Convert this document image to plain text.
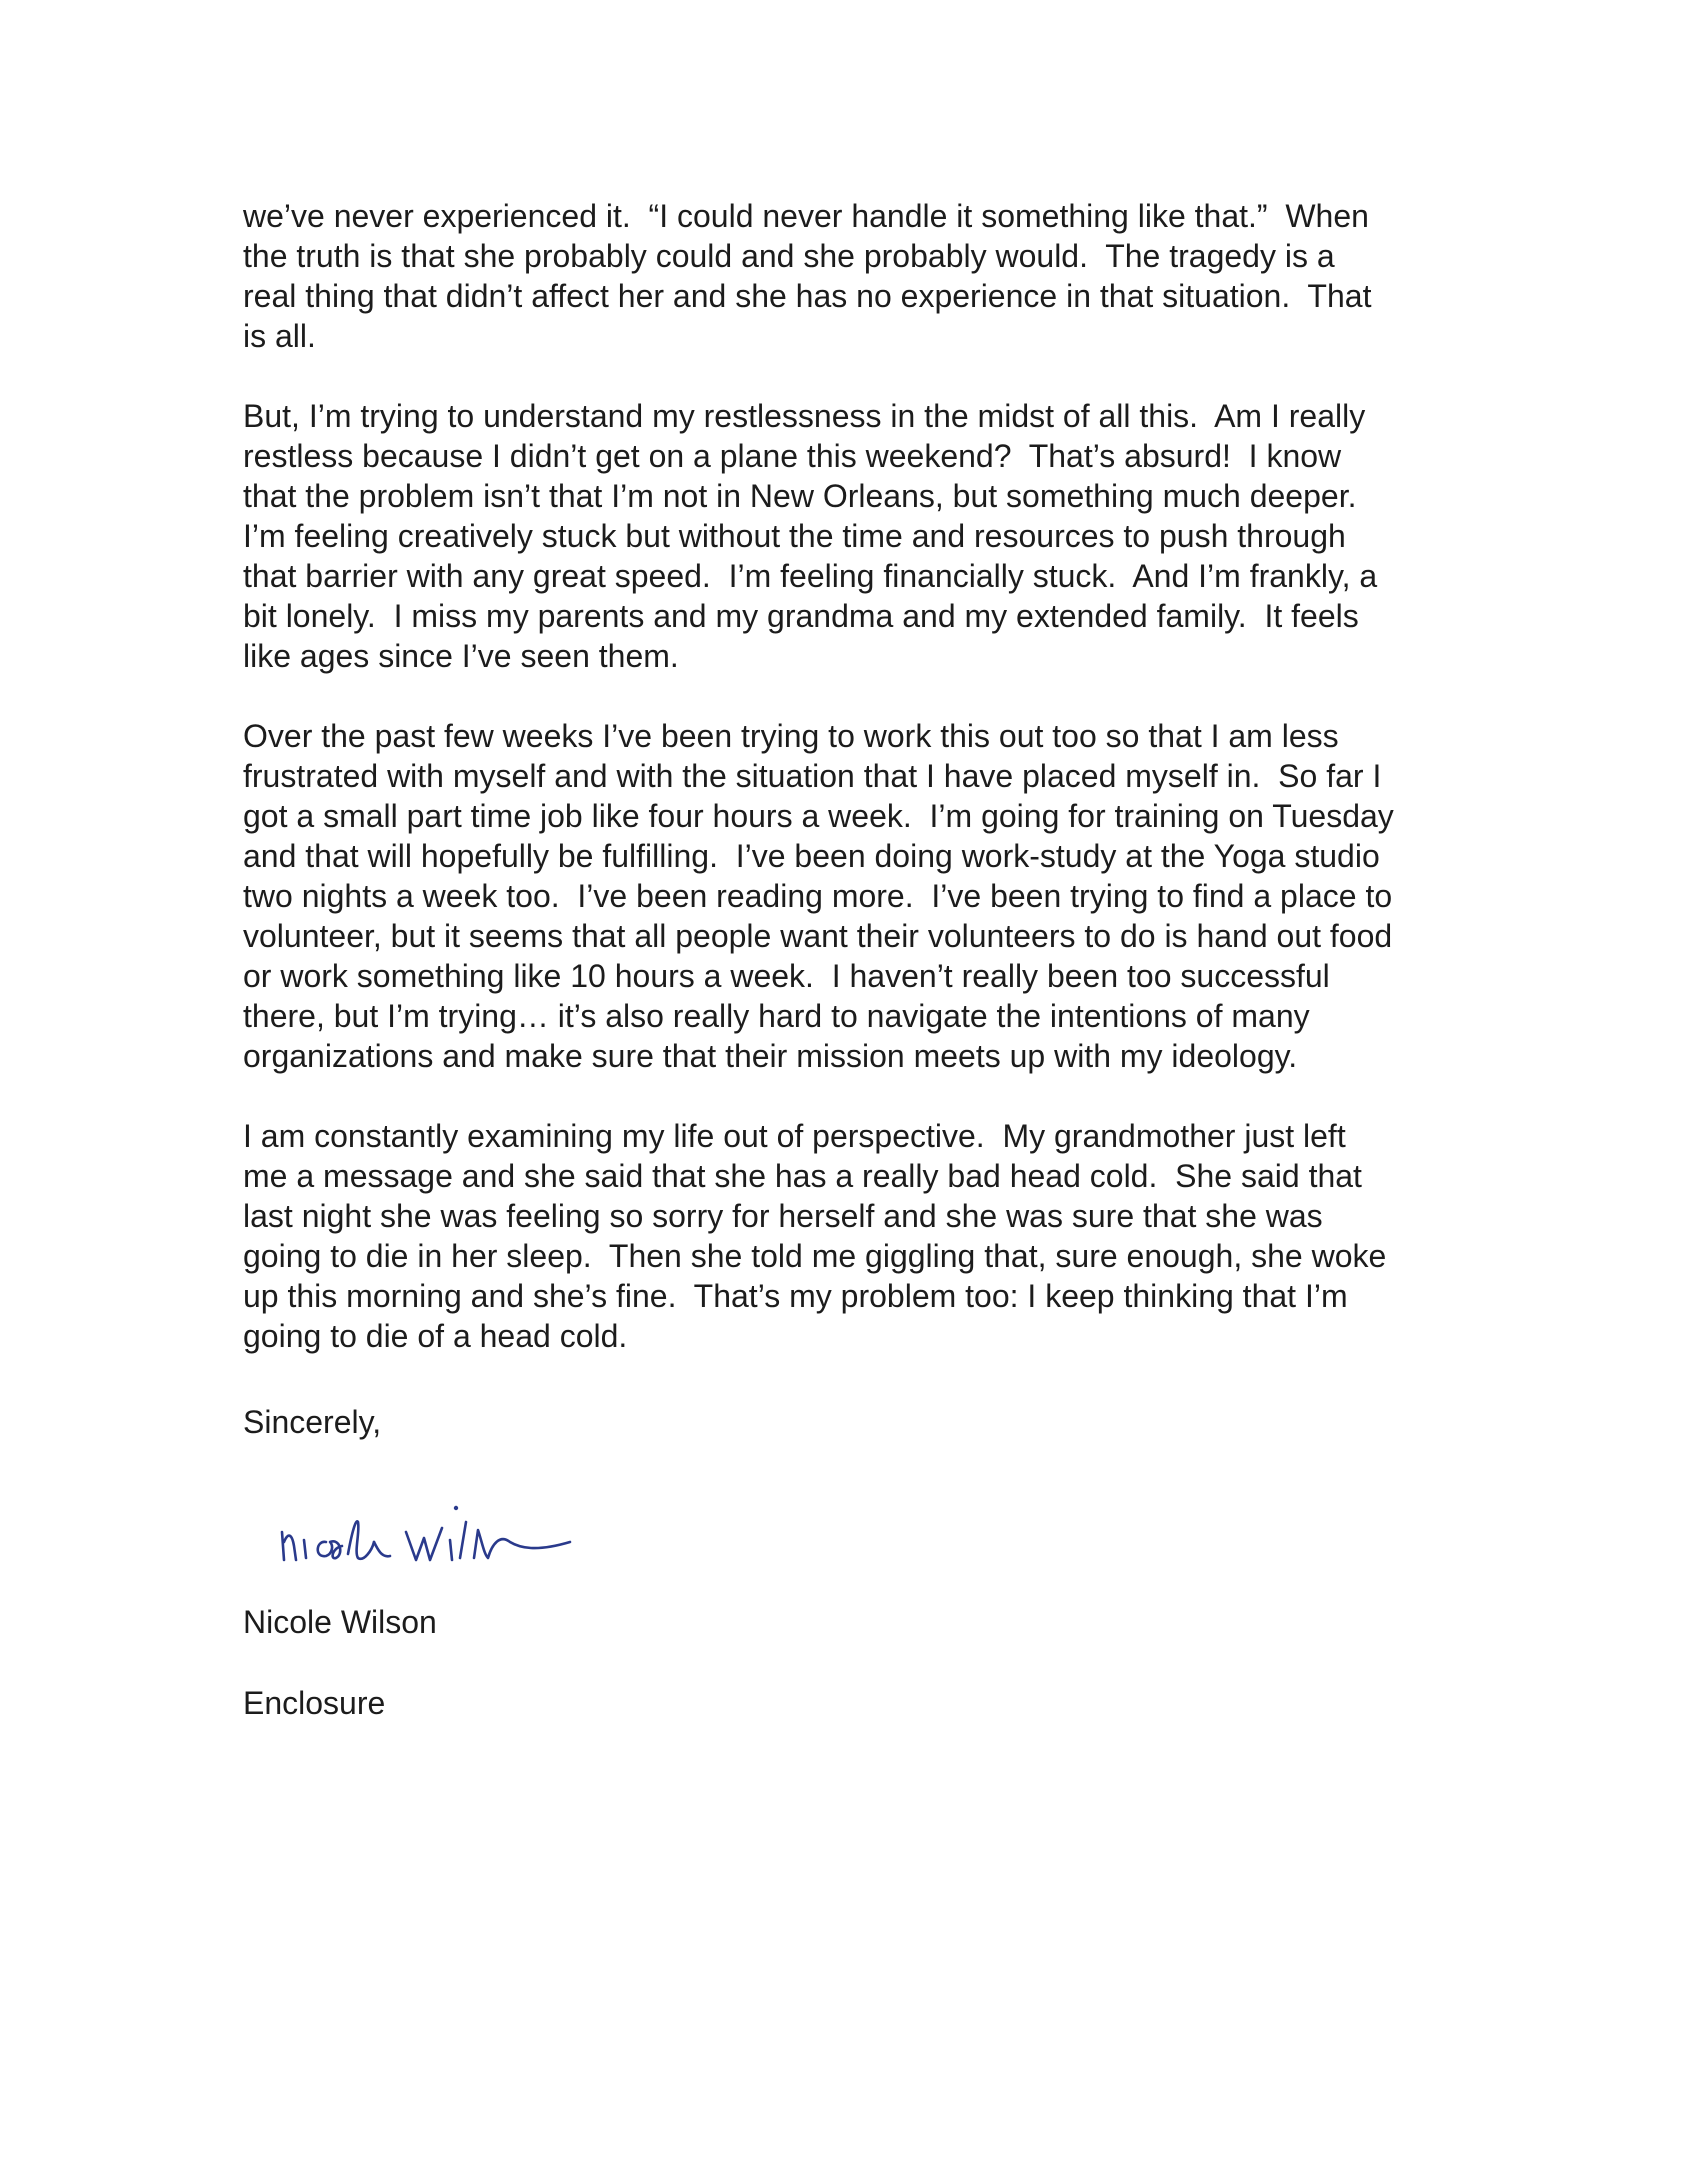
we’ve never experienced it.  “I could never handle it something like that.”  When
the truth is that she probably could and she probably would.  The tragedy is a
real thing that didn’t affect her and she has no experience in that situation.  That
is all.
But, I’m trying to understand my restlessness in the midst of all this.  Am I really
restless because I didn’t get on a plane this weekend?  That’s absurd!  I know
that the problem isn’t that I’m not in New Orleans, but something much deeper.
I’m feeling creatively stuck but without the time and resources to push through
that barrier with any great speed.  I’m feeling financially stuck.  And I’m frankly, a
bit lonely.  I miss my parents and my grandma and my extended family.  It feels
like ages since I’ve seen them.
Over the past few weeks I’ve been trying to work this out too so that I am less
frustrated with myself and with the situation that I have placed myself in.  So far I
got a small part time job like four hours a week.  I’m going for training on Tuesday
and that will hopefully be fulfilling.  I’ve been doing work-study at the Yoga studio
two nights a week too.  I’ve been reading more.  I’ve been trying to find a place to
volunteer, but it seems that all people want their volunteers to do is hand out food
or work something like 10 hours a week.  I haven’t really been too successful
there, but I’m trying… it’s also really hard to navigate the intentions of many
organizations and make sure that their mission meets up with my ideology.
I am constantly examining my life out of perspective.  My grandmother just left
me a message and she said that she has a really bad head cold.  She said that
last night she was feeling so sorry for herself and she was sure that she was
going to die in her sleep.  Then she told me giggling that, sure enough, she woke
up this morning and she’s fine.  That’s my problem too: I keep thinking that I’m
going to die of a head cold.
Sincerely,
Nicole Wilson
Enclosure
